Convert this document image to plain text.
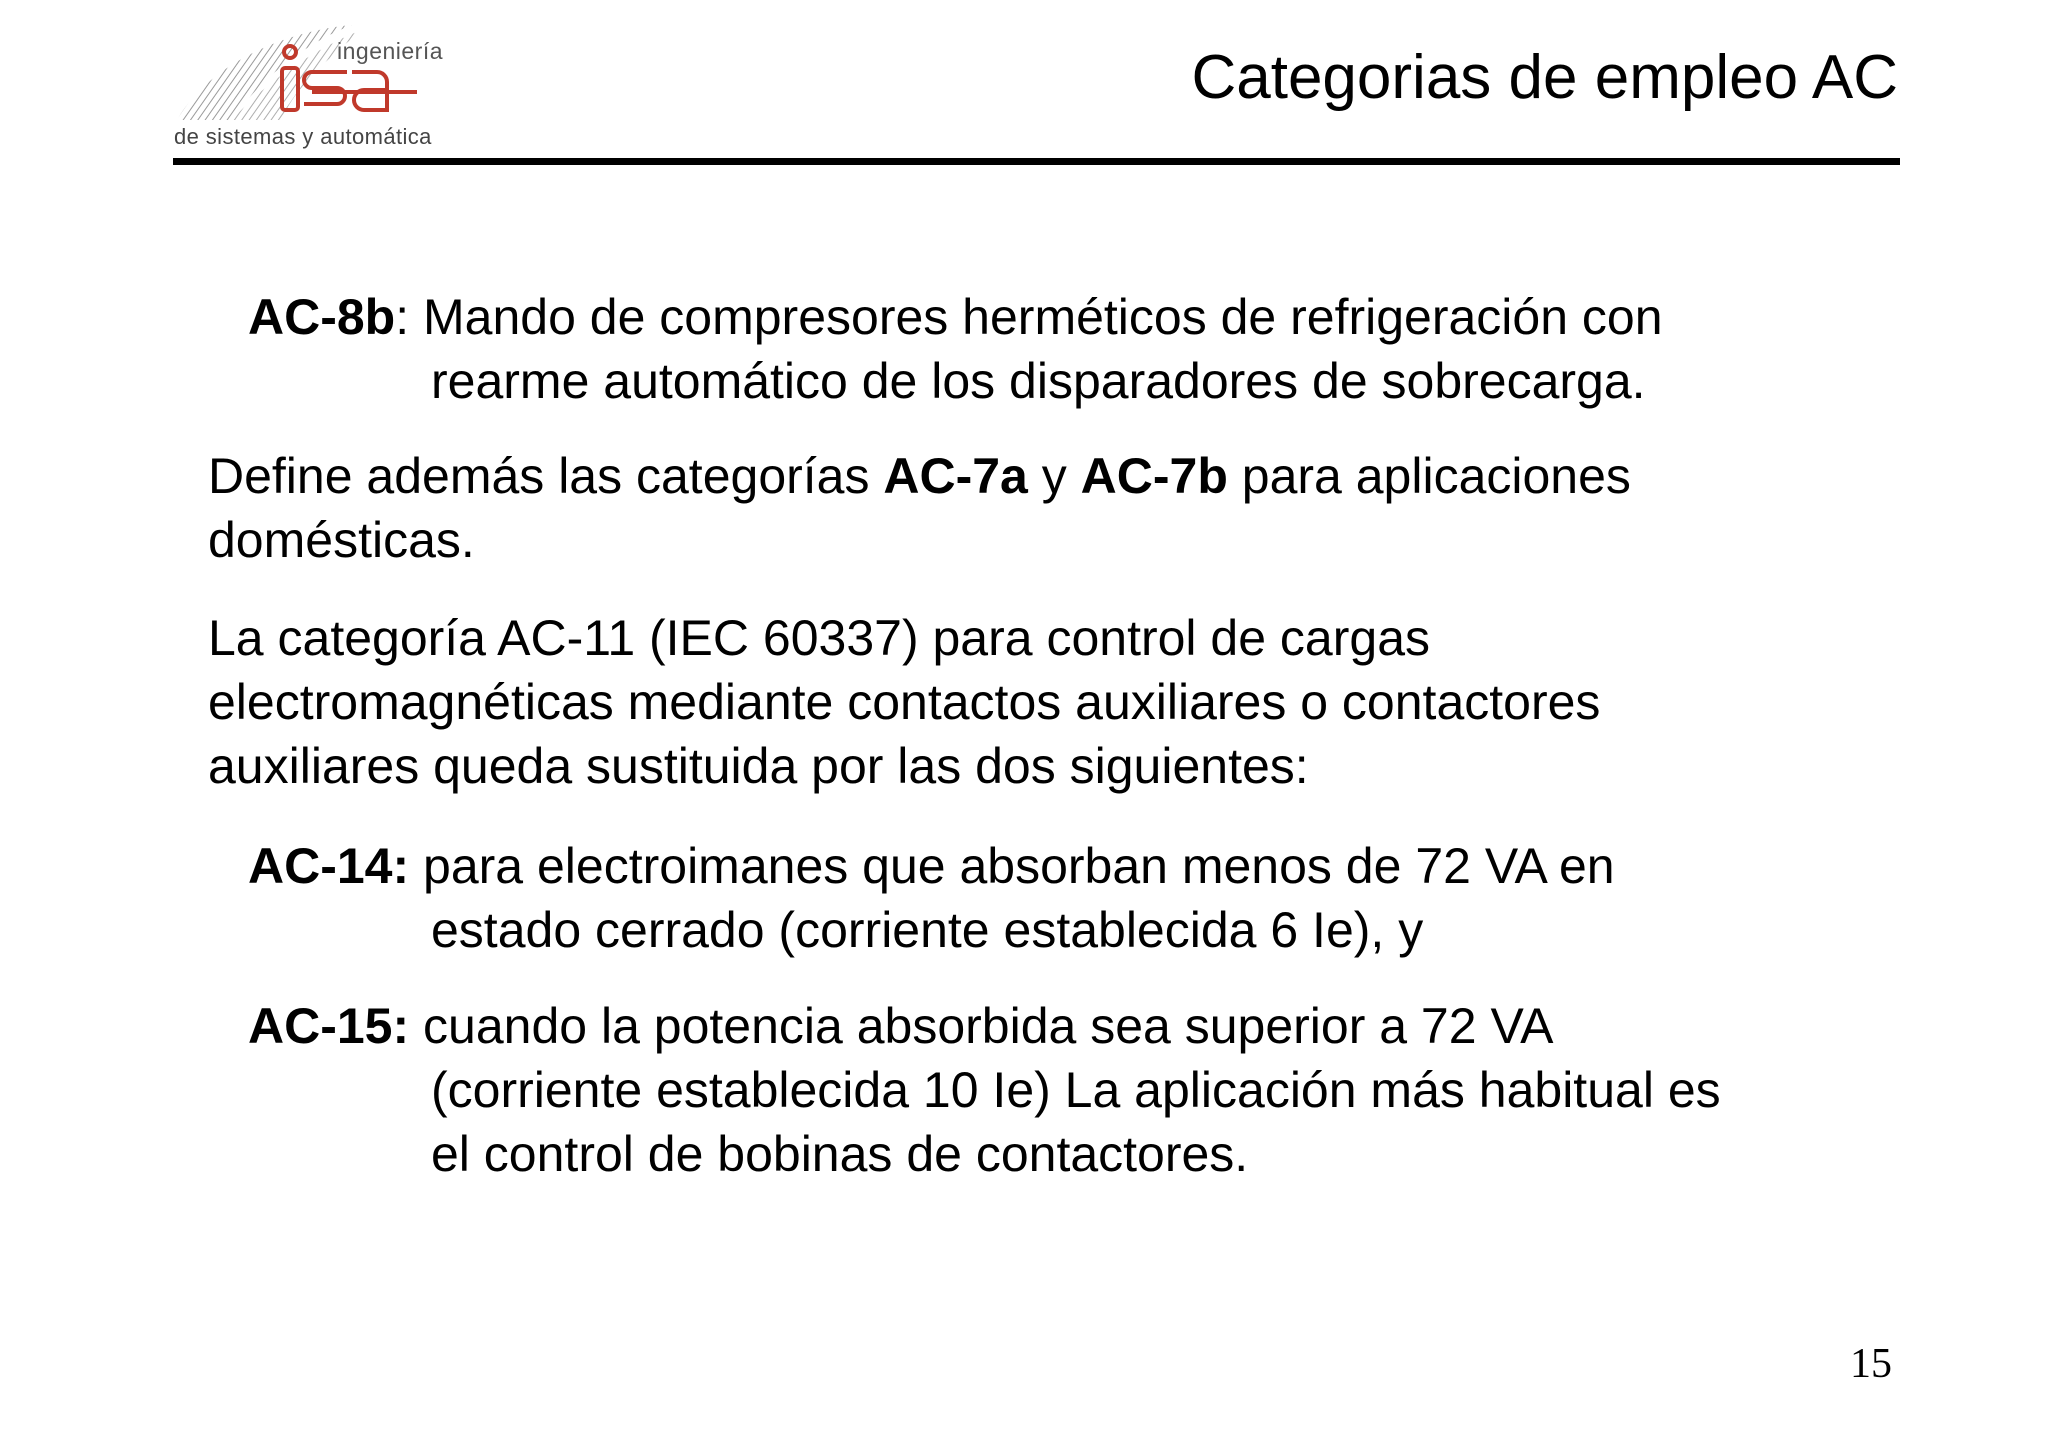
ingeniería
de sistemas y automática
Categorias de empleo AC
AC-8b: Mando de compresores herméticos de refrigeración con
rearme automático de los disparadores de sobrecarga.
Define además las categorías AC-7a y AC-7b para aplicaciones
domésticas.
La categoría AC-11 (IEC 60337) para control de cargas
electromagnéticas mediante contactos auxiliares o contactores
auxiliares queda sustituida por las dos siguientes:
AC-14: para electroimanes que absorban menos de 72 VA en
estado cerrado (corriente establecida 6 Ie), y
AC-15: cuando la potencia absorbida sea superior a 72 VA
(corriente establecida 10 Ie) La aplicación más habitual es
el control de bobinas de contactores.
15
